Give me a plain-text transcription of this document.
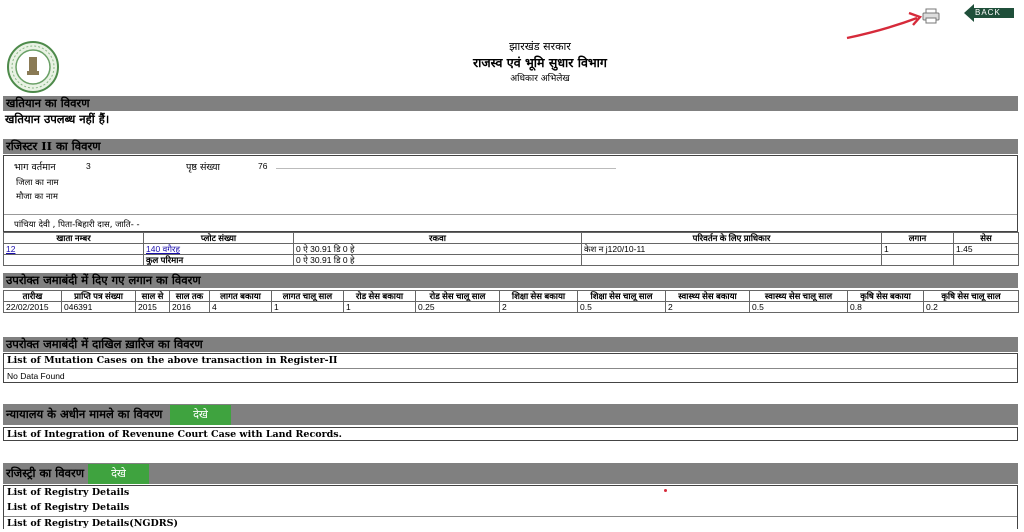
BACK
झारखंड सरकार
राजस्व एवं भूमि सुधार विभाग
अधिकार अभिलेख
खतियान का विवरण
खतियान उपलब्ध नहीं हैं।
रजिस्टर II का विवरण
भाग वर्तमान	3	पृष्ठ संख्या	76
जिला का नाम
मौजा का नाम
पांचिया देवी , पिता-बिहारी दास, जाति- -
खाता नम्बर	प्लोट संख्या	रकवा	परिवर्तन के लिए प्राधिकार	लगान	सेस
12	140 वगैरह	0 ऐ 30.91 डि 0 हे	केश न j120/10-11	1	1.45
	कुल परिमान	0 ऐ 30.91 डि 0 हे			
उपरोक्त जमाबंदी में दिए गए लगान का विवरण
तारीख	प्राप्ति पत्र संख्या	साल से	साल तक	लागत बकाया	लागत चालू साल	रोड सेस बकाया	रोड सेस चालू साल	शिक्षा सेस बकाया	शिक्षा सेस चालू साल	स्वास्थ्य सेस बकाया	स्वास्थ्य सेस चालू साल	कृषि सेस बकाया	कृषि सेस चालू साल
22/02/2015	046391	2015	2016	4	1	1	0.25	2	0.5	2	0.5	0.8	0.2
उपरोक्त जमाबंदी में दाखिल ख़ारिज का विवरण
List of Mutation Cases on the above transaction in Register-II
No Data Found
न्यायालय के अधीन मामले का विवरण	देखे
List of Integration of Revenune Court Case with Land Records.
रजिस्ट्री का विवरण	देखे
List of Registry Details
List of Registry Details
List of Registry Details(NGDRS)
